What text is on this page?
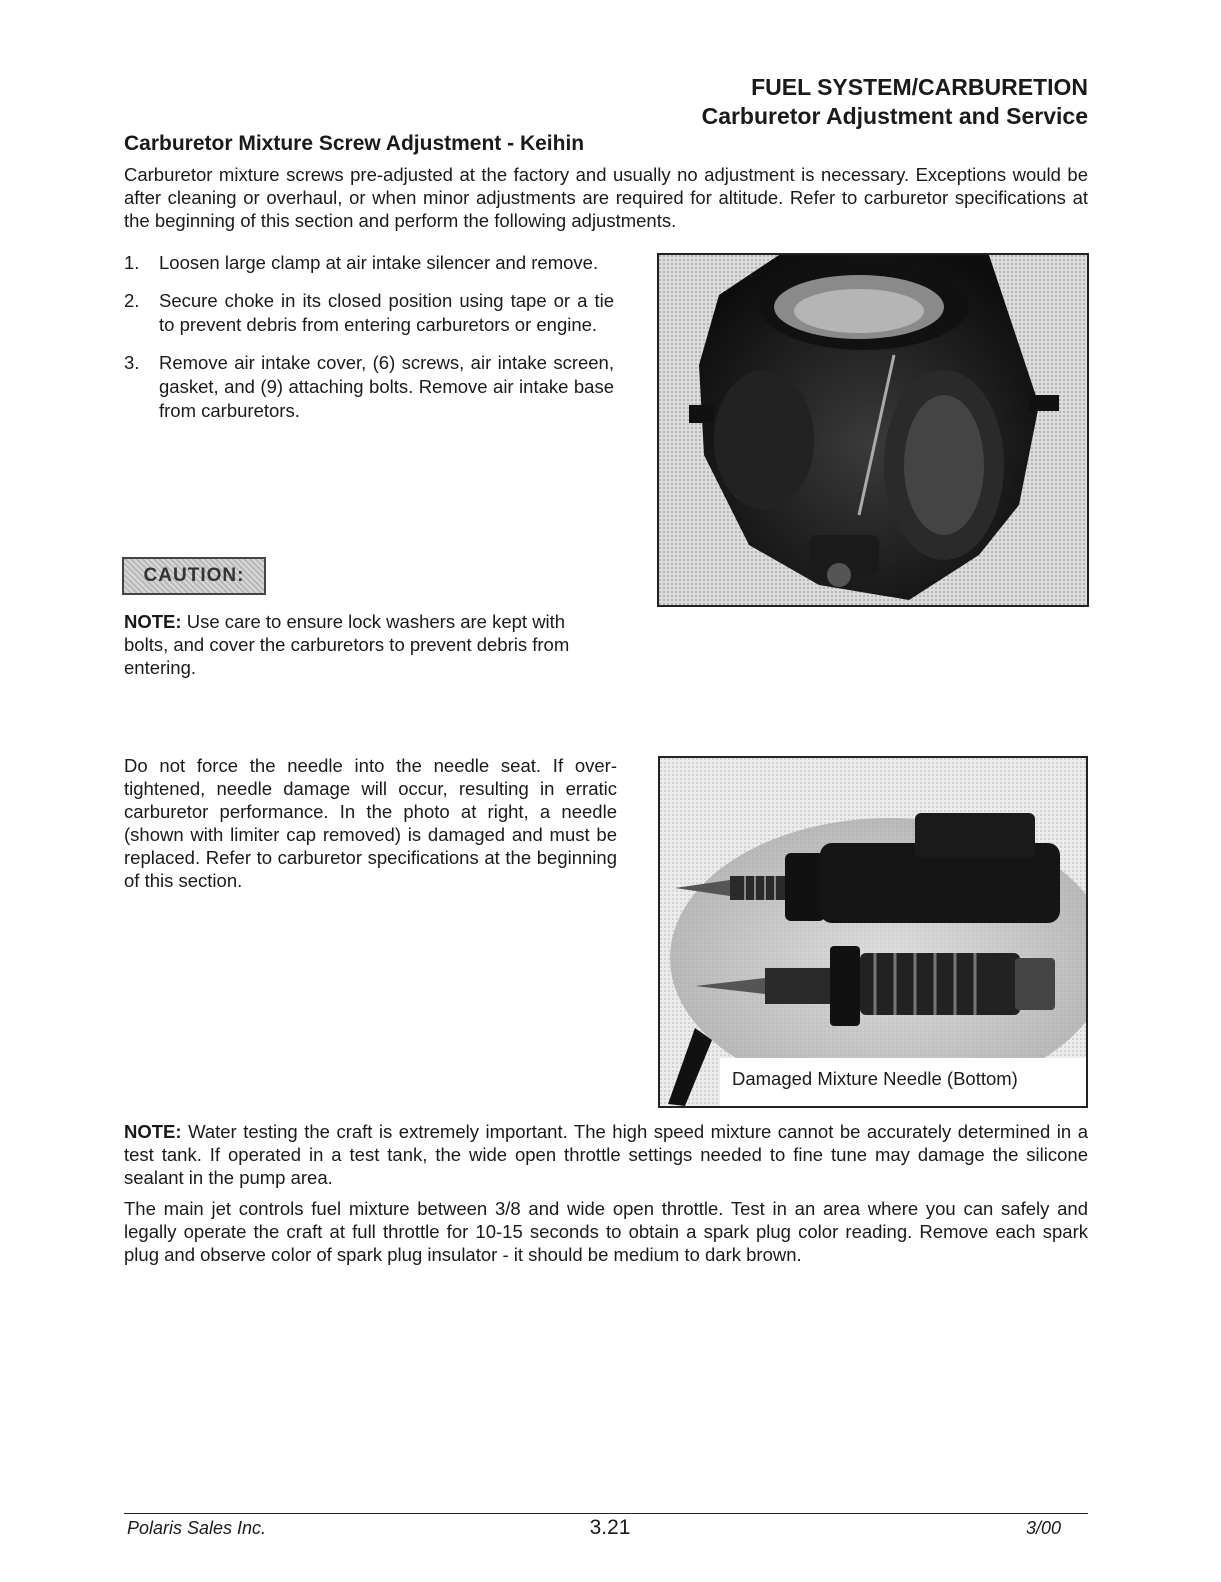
FUEL SYSTEM/CARBURETION
Carburetor Adjustment and Service
Carburetor Mixture Screw Adjustment - Keihin

Carburetor mixture screws pre-adjusted at the factory and usually no adjustment is necessary. Exceptions would be after cleaning or overhaul, or when minor adjustments are required for altitude. Refer to carburetor specifications at the beginning of this section and perform the following adjustments.

1. Loosen large clamp at air intake silencer and remove.
2. Secure choke in its closed position using tape or a tie to prevent debris from entering carburetors or engine.
3. Remove air intake cover, (6) screws, air intake screen, gasket, and (9) attaching bolts. Remove air intake base from carburetors.
CAUTION:

NOTE: Use care to ensure lock washers are kept with bolts, and cover the carburetors to prevent debris from entering.

Do not force the needle into the needle seat. If over-tightened, needle damage will occur, resulting in erratic carburetor performance. In the photo at right, a needle (shown with limiter cap removed) is damaged and must be replaced. Refer to carburetor specifications at the beginning of this section.

Damaged Mixture Needle (Bottom)

NOTE: Water testing the craft is extremely important. The high speed mixture cannot be accurately determined in a test tank. If operated in a test tank, the wide open throttle settings needed to fine tune may damage the silicone sealant in the pump area.

The main jet controls fuel mixture between 3/8 and wide open throttle. Test in an area where you can safely and legally operate the craft at full throttle for 10-15 seconds to obtain a spark plug color reading. Remove each spark plug and observe color of spark plug insulator - it should be medium to dark brown.

Polaris Sales Inc.	3.21	3/00
